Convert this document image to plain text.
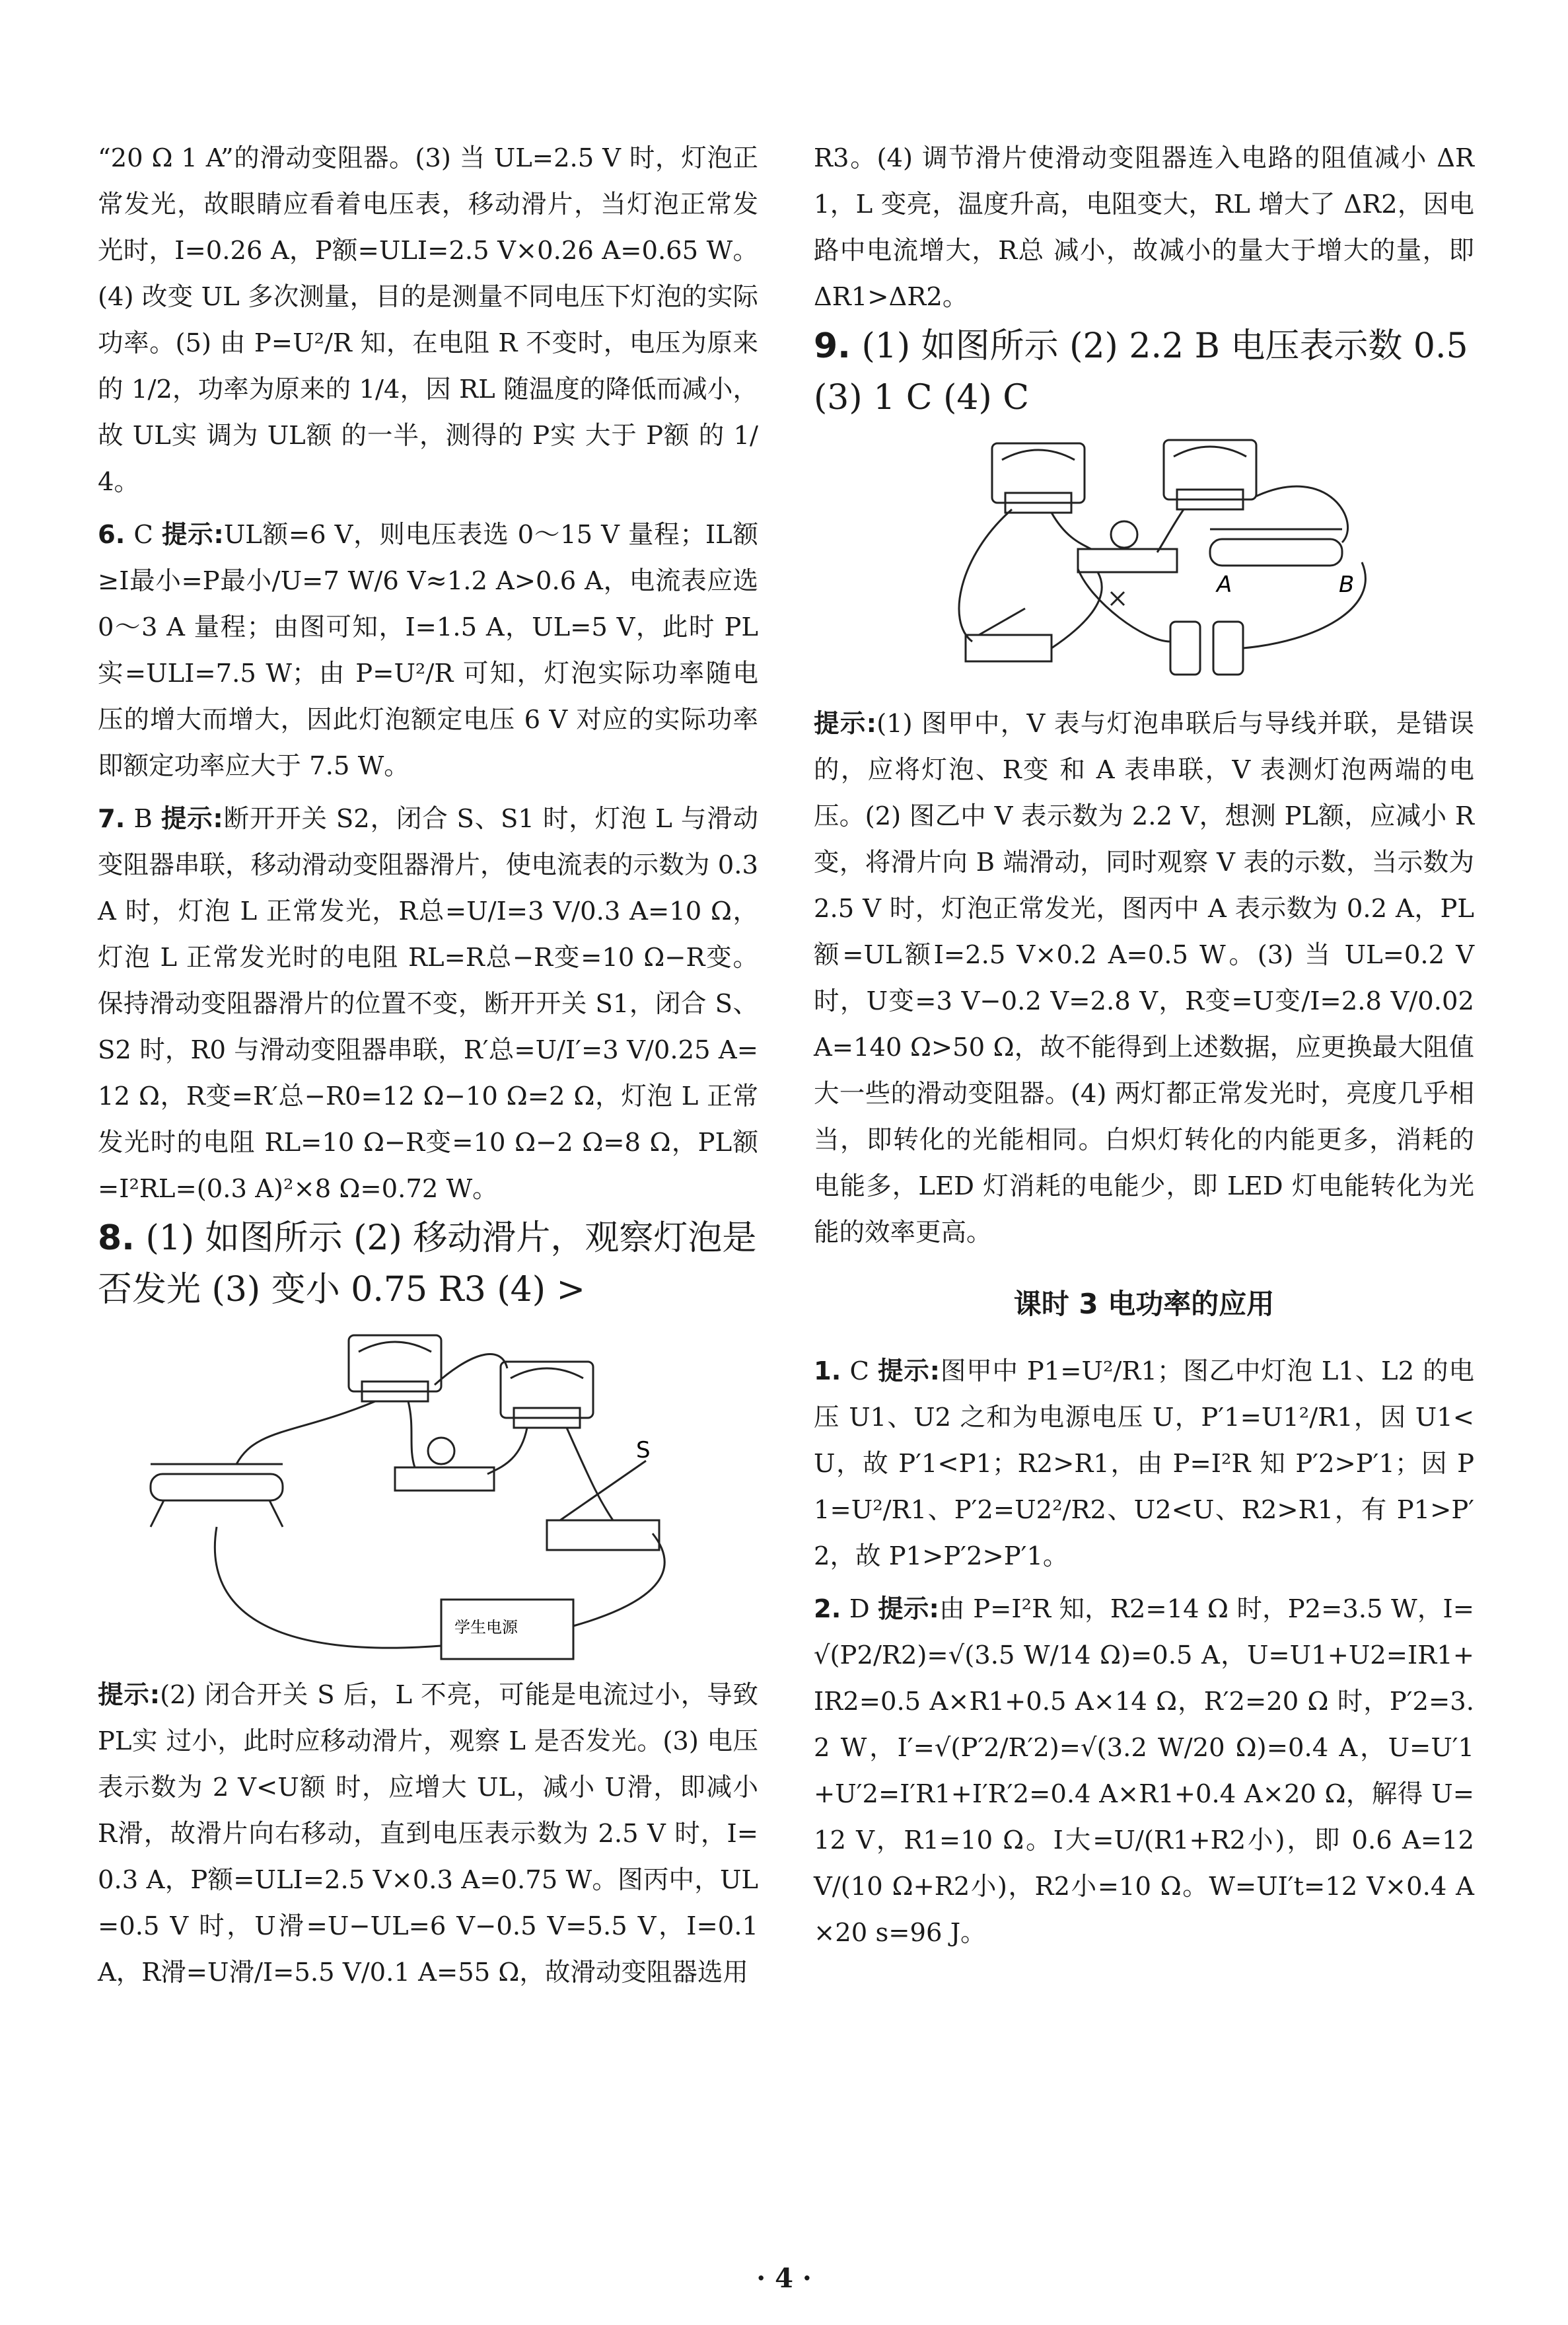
“20 Ω 1 A”的滑动变阻器。(3) 当 UL=2.5 V 时，灯泡正常发光，故眼睛应看着电压表，移动滑片，当灯泡正常发光时，I=0.26 A，P额=ULI=2.5 V×0.26 A=0.65 W。(4) 改变 UL 多次测量，目的是测量不同电压下灯泡的实际功率。(5) 由 P=U²/R 知，在电阻 R 不变时，电压为原来的 1/2，功率为原来的 1/4，因 RL 随温度的降低而减小，故 UL实 调为 UL额 的一半，测得的 P实 大于 P额 的 1/4。

6. C 提示:UL额=6 V，则电压表选 0～15 V 量程；IL额≥I最小=P最小/U=7 W/6 V≈1.2 A>0.6 A，电流表应选 0～3 A 量程；由图可知，I=1.5 A，UL=5 V，此时 PL实=ULI=7.5 W；由 P=U²/R 可知，灯泡实际功率随电压的增大而增大，因此灯泡额定电压 6 V 对应的实际功率即额定功率应大于 7.5 W。

7. B 提示:断开开关 S2，闭合 S、S1 时，灯泡 L 与滑动变阻器串联，移动滑动变阻器滑片，使电流表的示数为 0.3 A 时，灯泡 L 正常发光，R总=U/I=3 V/0.3 A=10 Ω，灯泡 L 正常发光时的电阻 RL=R总−R变=10 Ω−R变。保持滑动变阻器滑片的位置不变，断开开关 S1，闭合 S、S2 时，R0 与滑动变阻器串联，R′总=U/I′=3 V/0.25 A=12 Ω，R变=R′总−R0=12 Ω−10 Ω=2 Ω，灯泡 L 正常发光时的电阻 RL=10 Ω−R变=10 Ω−2 Ω=8 Ω，PL额=I²RL=(0.3 A)²×8 Ω=0.72 W。

8. (1) 如图所示 (2) 移动滑片，观察灯泡是否发光 (3) 变小 0.75 R3 (4) >

S
学生电源

提示:(2) 闭合开关 S 后，L 不亮，可能是电流过小，导致 PL实 过小，此时应移动滑片，观察 L 是否发光。(3) 电压表示数为 2 V<U额 时，应增大 UL，减小 U滑，即减小 R滑，故滑片向右移动，直到电压表示数为 2.5 V 时，I=0.3 A，P额=ULI=2.5 V×0.3 A=0.75 W。图丙中，UL=0.5 V 时，U滑=U−UL=6 V−0.5 V=5.5 V，I=0.1 A，R滑=U滑/I=5.5 V/0.1 A=55 Ω，故滑动变阻器选用

R3。(4) 调节滑片使滑动变阻器连入电路的阻值减小 ΔR1，L 变亮，温度升高，电阻变大，RL 增大了 ΔR2，因电路中电流增大，R总 减小，故减小的量大于增大的量，即 ΔR1>ΔR2。

9. (1) 如图所示 (2) 2.2 B 电压表示数 0.5 (3) 1 C (4) C

A	B

提示:(1) 图甲中，V 表与灯泡串联后与导线并联，是错误的，应将灯泡、R变 和 A 表串联，V 表测灯泡两端的电压。(2) 图乙中 V 表示数为 2.2 V，想测 PL额，应减小 R变，将滑片向 B 端滑动，同时观察 V 表的示数，当示数为 2.5 V 时，灯泡正常发光，图丙中 A 表示数为 0.2 A，PL额=UL额I=2.5 V×0.2 A=0.5 W。(3) 当 UL=0.2 V 时，U变=3 V−0.2 V=2.8 V，R变=U变/I=2.8 V/0.02 A=140 Ω>50 Ω，故不能得到上述数据，应更换最大阻值大一些的滑动变阻器。(4) 两灯都正常发光时，亮度几乎相当，即转化的光能相同。白炽灯转化的内能更多，消耗的电能多，LED 灯消耗的电能少，即 LED 灯电能转化为光能的效率更高。

课时 3 电功率的应用

1. C 提示:图甲中 P1=U²/R1；图乙中灯泡 L1、L2 的电压 U1、U2 之和为电源电压 U，P′1=U1²/R1，因 U1<U，故 P′1<P1；R2>R1，由 P=I²R 知 P′2>P′1；因 P1=U²/R1、P′2=U2²/R2、U2<U、R2>R1，有 P1>P′2，故 P1>P′2>P′1。

2. D 提示:由 P=I²R 知，R2=14 Ω 时，P2=3.5 W，I=√(P2/R2)=√(3.5 W/14 Ω)=0.5 A，U=U1+U2=IR1+IR2=0.5 A×R1+0.5 A×14 Ω，R′2=20 Ω 时，P′2=3.2 W，I′=√(P′2/R′2)=√(3.2 W/20 Ω)=0.4 A，U=U′1+U′2=I′R1+I′R′2=0.4 A×R1+0.4 A×20 Ω，解得 U=12 V，R1=10 Ω。I大=U/(R1+R2小)，即 0.6 A=12 V/(10 Ω+R2小)，R2小=10 Ω。W=UI′t=12 V×0.4 A×20 s=96 J。

· 4 ·
